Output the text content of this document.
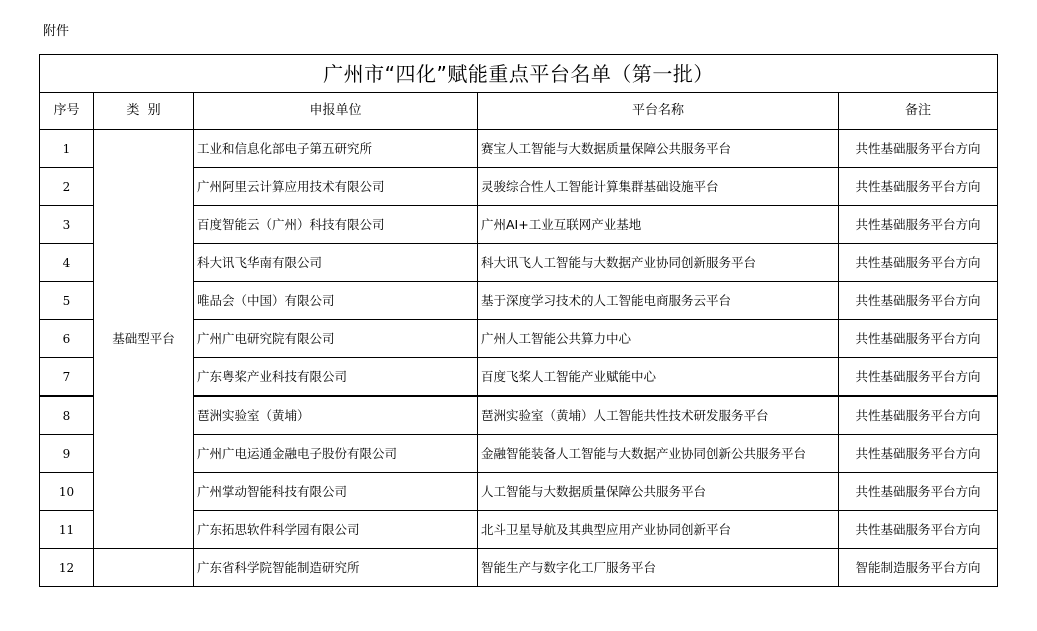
附件
广州市“四化”赋能重点平台名单（第一批）				
序号	类  别	申报单位	平台名称	备注
1	基础型平台	工业和信息化部电子第五研究所	赛宝人工智能与大数据质量保障公共服务平台	共性基础服务平台方向
2		广州阿里云计算应用技术有限公司	灵骏综合性人工智能计算集群基础设施平台	共性基础服务平台方向
3		百度智能云（广州）科技有限公司	广州AI+工业互联网产业基地	共性基础服务平台方向
4		科大讯飞华南有限公司	科大讯飞人工智能与大数据产业协同创新服务平台	共性基础服务平台方向
5		唯品会（中国）有限公司	基于深度学习技术的人工智能电商服务云平台	共性基础服务平台方向
6		广州广电研究院有限公司	广州人工智能公共算力中心	共性基础服务平台方向
7		广东粤桨产业科技有限公司	百度飞桨人工智能产业赋能中心	共性基础服务平台方向
8		琶洲实验室（黄埔）	琶洲实验室（黄埔）人工智能共性技术研发服务平台	共性基础服务平台方向
9		广州广电运通金融电子股份有限公司	金融智能装备人工智能与大数据产业协同创新公共服务平台	共性基础服务平台方向
10		广州掌动智能科技有限公司	人工智能与大数据质量保障公共服务平台	共性基础服务平台方向
11		广东拓思软件科学园有限公司	北斗卫星导航及其典型应用产业协同创新平台	共性基础服务平台方向
12		广东省科学院智能制造研究所	智能生产与数字化工厂服务平台	智能制造服务平台方向
